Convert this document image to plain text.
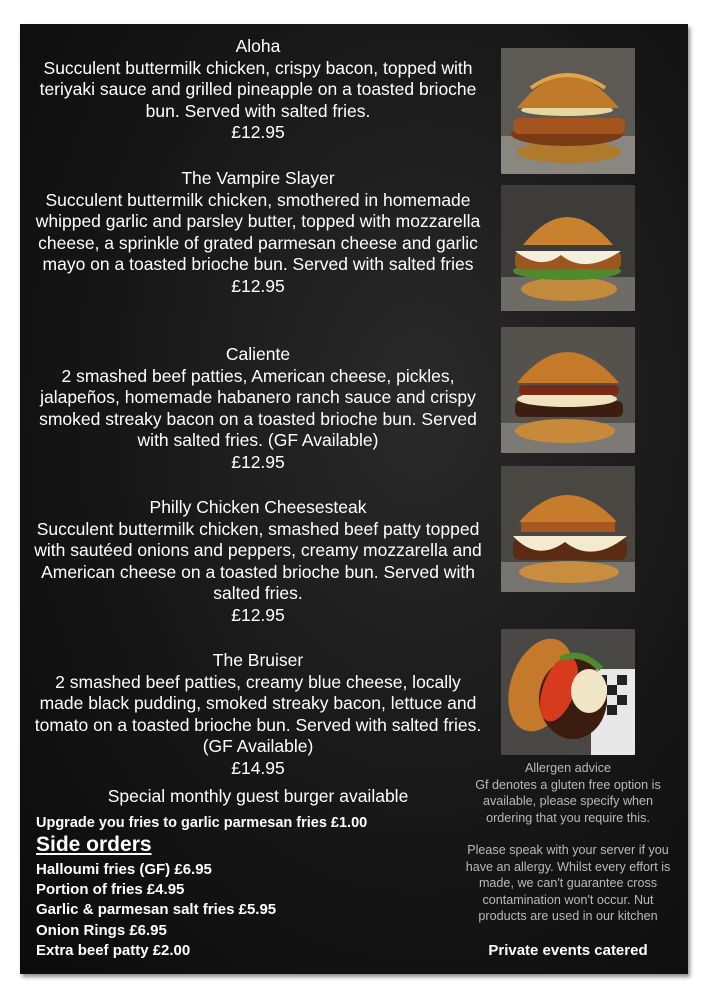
Aloha
Succulent buttermilk chicken, crispy bacon, topped with teriyaki sauce and grilled pineapple on a toasted brioche bun. Served with salted fries.
£12.95
The Vampire Slayer
Succulent buttermilk chicken, smothered in homemade whipped garlic and parsley butter, topped with mozzarella cheese, a sprinkle of grated parmesan cheese and garlic mayo on a toasted brioche bun. Served with salted fries
£12.95
Caliente
2 smashed beef patties, American cheese, pickles, jalapeños, homemade habanero ranch sauce and crispy smoked streaky bacon on a toasted brioche bun. Served with salted fries. (GF Available)
£12.95
Philly Chicken Cheesesteak
Succulent buttermilk chicken, smashed beef patty topped with sautéed onions and peppers, creamy mozzarella and American cheese on a toasted brioche bun. Served with salted fries.
£12.95
The Bruiser
2 smashed beef patties, creamy blue cheese, locally made black pudding, smoked streaky bacon, lettuce and tomato on a toasted brioche bun. Served with salted fries. (GF Available)
£14.95
Special monthly guest burger available
Upgrade you fries to garlic parmesan fries £1.00
Side orders
Halloumi fries (GF) £6.95
Portion of fries £4.95
Garlic & parmesan salt fries £5.95
Onion Rings £6.95
Extra beef patty £2.00
Allergen advice
Gf denotes a gluten free option is available, please specify when ordering that you require this.
Please speak with your server if you have an allergy. Whilst every effort is made, we can't guarantee cross contamination won't occur. Nut products are used in our kitchen
Private events catered
